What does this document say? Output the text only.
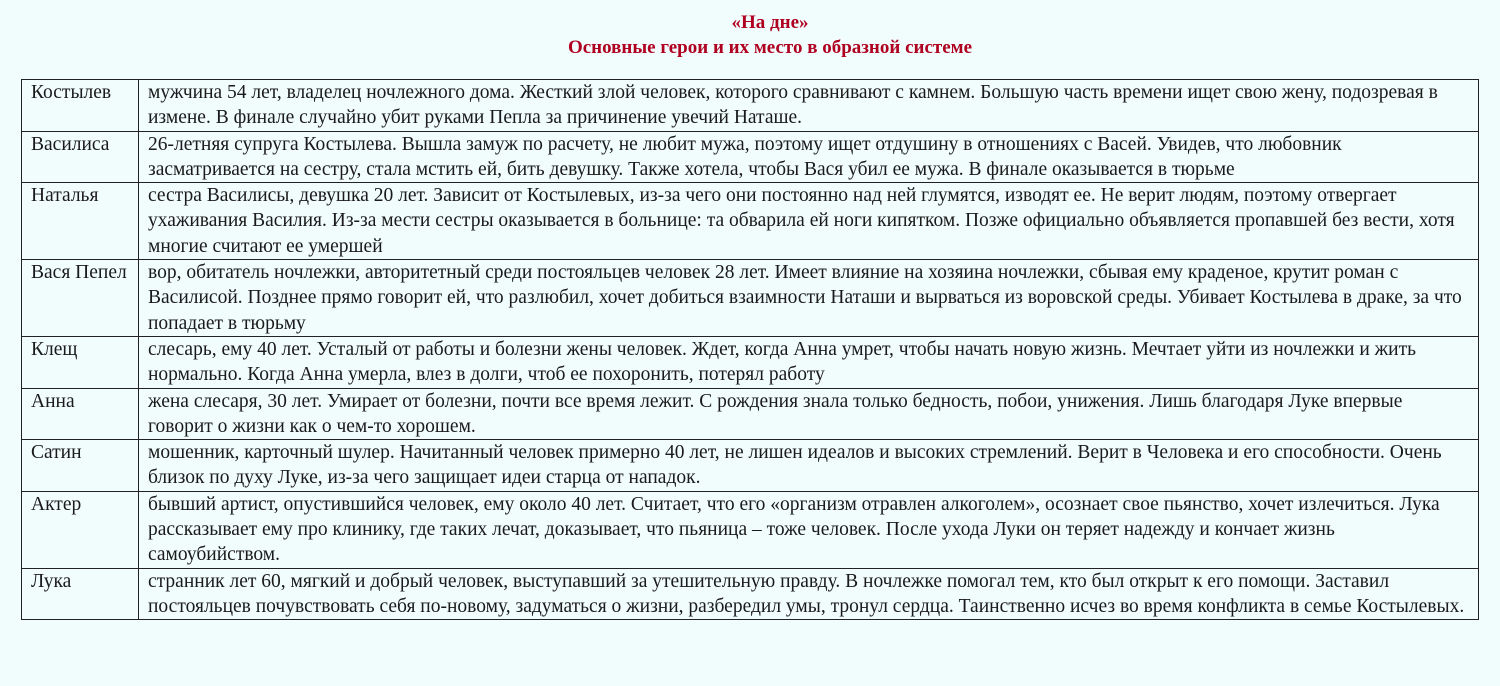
«На дне»
Основные герои и их место в образной системе
Костылев	мужчина 54 лет, владелец ночлежного дома. Жесткий злой человек, которого сравнивают с камнем. Большую часть времени ищет свою жену, подозревая в измене. В финале случайно убит руками Пепла за причинение увечий Наташе.
Василиса	26-летняя супруга Костылева. Вышла замуж по расчету, не любит мужа, поэтому ищет отдушину в отношениях с Васей. Увидев, что любовник засматривается на сестру, стала мстить ей, бить девушку. Также хотела, чтобы Вася убил ее мужа. В финале оказывается в тюрьме
Наталья	сестра Василисы, девушка 20 лет. Зависит от Костылевых, из-за чего они постоянно над ней глумятся, изводят ее. Не верит людям, поэтому отвергает ухаживания Василия. Из-за мести сестры оказывается в больнице: та обварила ей ноги кипятком. Позже официально объявляется пропавшей без вести, хотя многие считают ее умершей
Вася Пепел	вор, обитатель ночлежки, авторитетный среди постояльцев человек 28 лет. Имеет влияние на хозяина ночлежки, сбывая ему краденое, крутит роман с Василисой. Позднее прямо говорит ей, что разлюбил, хочет добиться взаимности Наташи и вырваться из воровской среды. Убивает Костылева в драке, за что попадает в тюрьму
Клещ	слесарь, ему 40 лет. Усталый от работы и болезни жены человек. Ждет, когда Анна умрет, чтобы начать новую жизнь. Мечтает уйти из ночлежки и жить нормально. Когда Анна умерла, влез в долги, чтоб ее похоронить, потерял работу
Анна	жена слесаря, 30 лет. Умирает от болезни, почти все время лежит. С рождения знала только бедность, побои, унижения. Лишь благодаря Луке впервые говорит о жизни как о чем-то хорошем.
Сатин	мошенник, карточный шулер. Начитанный человек примерно 40 лет, не лишен идеалов и высоких стремлений. Верит в Человека и его способности. Очень близок по духу Луке, из-за чего защищает идеи старца от нападок.
Актер	бывший артист, опустившийся человек, ему около 40 лет. Считает, что его «организм отравлен алкоголем», осознает свое пьянство, хочет излечиться. Лука рассказывает ему про клинику, где таких лечат, доказывает, что пьяница – тоже человек. После ухода Луки он теряет надежду и кончает жизнь самоубийством.
Лука	странник лет 60, мягкий и добрый человек, выступавший за утешительную правду. В ночлежке помогал тем, кто был открыт к его помощи. Заставил постояльцев почувствовать себя по-новому, задуматься о жизни, разбередил умы, тронул сердца. Таинственно исчез во время конфликта в семье Костылевых.
